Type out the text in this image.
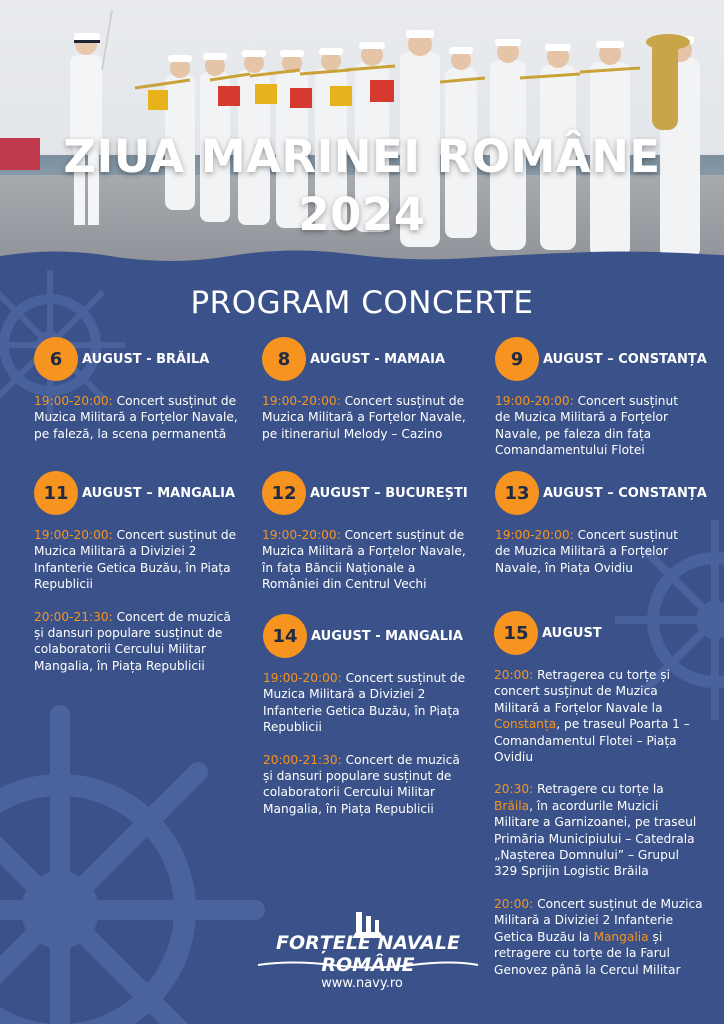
ZIUA MARINEI ROMÂNE
2024
PROGRAM CONCERTE
6	AUGUST - BRĂILA
19:00-20:00: Concert susținut de Muzica Militară a Forțelor Navale, pe faleză, la scena permanentă
8	AUGUST - MAMAIA
19:00-20:00: Concert susținut de Muzica Militară a Forțelor Navale, pe itinerariul Melody – Cazino
9	AUGUST – CONSTANȚA
19:00-20:00: Concert susținut de Muzica Militară a Forțelor Navale, pe faleza din fața Comandamentului Flotei
11	AUGUST – MANGALIA
19:00-20:00: Concert susținut de Muzica Militară a Diviziei 2 Infanterie Getica Buzău, în Piața Republicii
20:00-21:30: Concert de muzică și dansuri populare susținut de colaboratorii Cercului Militar Mangalia, în Piața Republicii
12	AUGUST – BUCUREȘTI
19:00-20:00: Concert susținut de Muzica Militară a Forțelor Navale, în fața Băncii Naționale a României din Centrul Vechi
13	AUGUST – CONSTANȚA
19:00-20:00: Concert susținut de Muzica Militară a Forțelor Navale, în Piața Ovidiu
14	AUGUST - MANGALIA
19:00-20:00: Concert susținut de Muzica Militară a Diviziei 2 Infanterie Getica Buzău, în Piața Republicii
20:00-21:30: Concert de muzică și dansuri populare susținut de colaboratorii Cercului Militar Mangalia, în Piața Republicii
15	AUGUST
20:00: Retragerea cu torțe și concert susținut de Muzica Militară a Forțelor Navale la Constanța, pe traseul Poarta 1 – Comandamentul Flotei – Piața Ovidiu
20:30: Retragere cu torțe la Brăila, în acordurile Muzicii Militare a Garnizoanei, pe traseul Primăria Municipiului – Catedrala „Nașterea Domnului” – Grupul 329 Sprijin Logistic Brăila
20:00: Concert susținut de Muzica Militară a Diviziei 2 Infanterie Getica Buzău la Mangalia și retragere cu torțe de la Farul Genovez până la Cercul Militar
FORȚELE NAVALE ROMÂNE
www.navy.ro
